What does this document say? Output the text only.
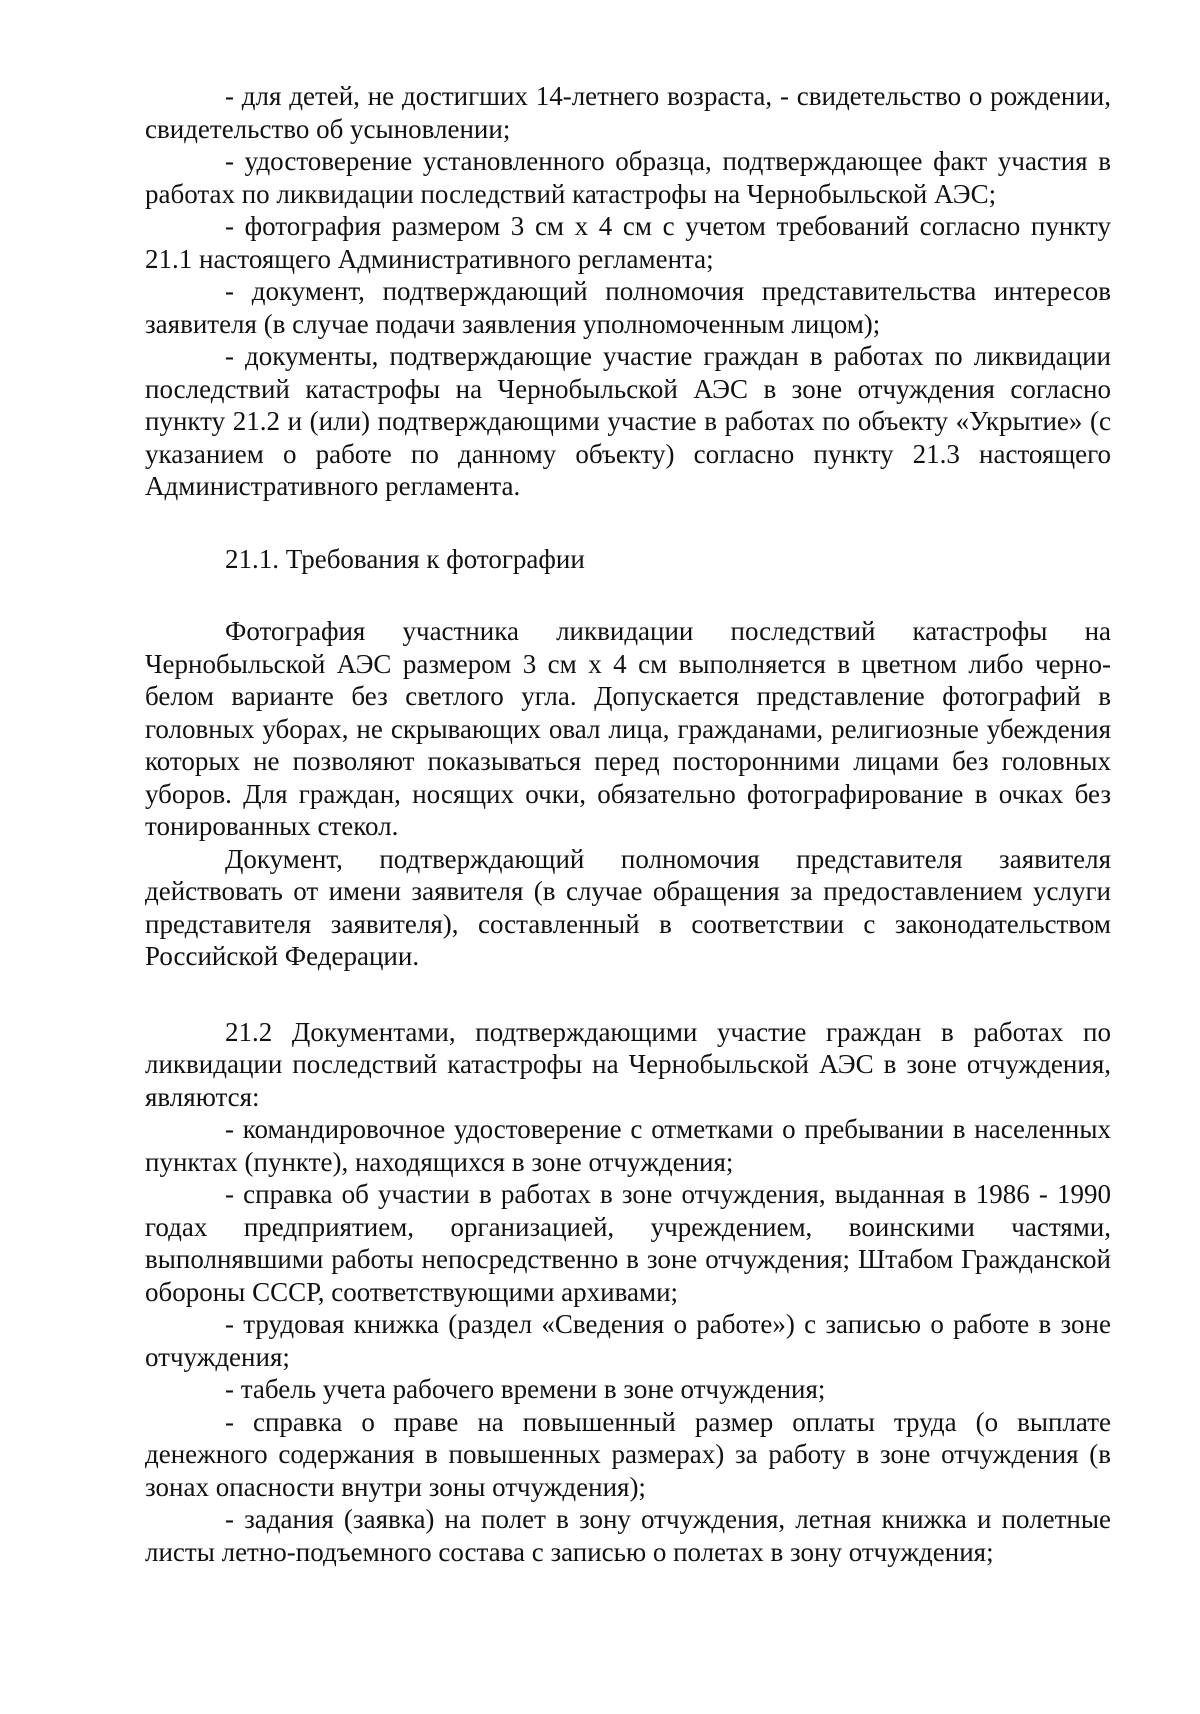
- для детей, не достигших 14-летнего возраста, - свидетельство о рождении, свидетельство об усыновлении;

- удостоверение установленного образца, подтверждающее факт участия в работах по ликвидации последствий катастрофы на Чернобыльской АЭС;

- фотография размером 3 см х 4 см с учетом требований согласно пункту 21.1 настоящего Административного регламента;

- документ, подтверждающий полномочия представительства интересов заявителя (в случае подачи заявления уполномоченным лицом);

- документы, подтверждающие участие граждан в работах по ликвидации последствий катастрофы на Чернобыльской АЭС в зоне отчуждения согласно пункту 21.2 и (или) подтверждающими участие в работах по объекту «Укрытие» (с указанием о работе по данному объекту) согласно пункту 21.3 настоящего Административного регламента.

21.1. Требования к фотографии

Фотография участника ликвидации последствий катастрофы на Чернобыльской АЭС размером 3 см х 4 см выполняется в цветном либо черно-белом варианте без светлого угла. Допускается представление фотографий в головных уборах, не скрывающих овал лица, гражданами, религиозные убеждения которых не позволяют показываться перед посторонними лицами без головных уборов. Для граждан, носящих очки, обязательно фотографирование в очках без тонированных стекол.

Документ, подтверждающий полномочия представителя заявителя действовать от имени заявителя (в случае обращения за предоставлением услуги представителя заявителя), составленный в соответствии с законодательством Российской Федерации.

21.2 Документами, подтверждающими участие граждан в работах по ликвидации последствий катастрофы на Чернобыльской АЭС в зоне отчуждения, являются:

- командировочное удостоверение с отметками о пребывании в населенных пунктах (пункте), находящихся в зоне отчуждения;

- справка об участии в работах в зоне отчуждения, выданная в 1986 - 1990 годах предприятием, организацией, учреждением, воинскими частями, выполнявшими работы непосредственно в зоне отчуждения; Штабом Гражданской обороны СССР, соответствующими архивами;

- трудовая книжка (раздел «Сведения о работе») с записью о работе в зоне отчуждения;

- табель учета рабочего времени в зоне отчуждения;

- справка о праве на повышенный размер оплаты труда (о выплате денежного содержания в повышенных размерах) за работу в зоне отчуждения (в зонах опасности внутри зоны отчуждения);

- задания (заявка) на полет в зону отчуждения, летная книжка и полетные листы летно-подъемного состава с записью о полетах в зону отчуждения;
